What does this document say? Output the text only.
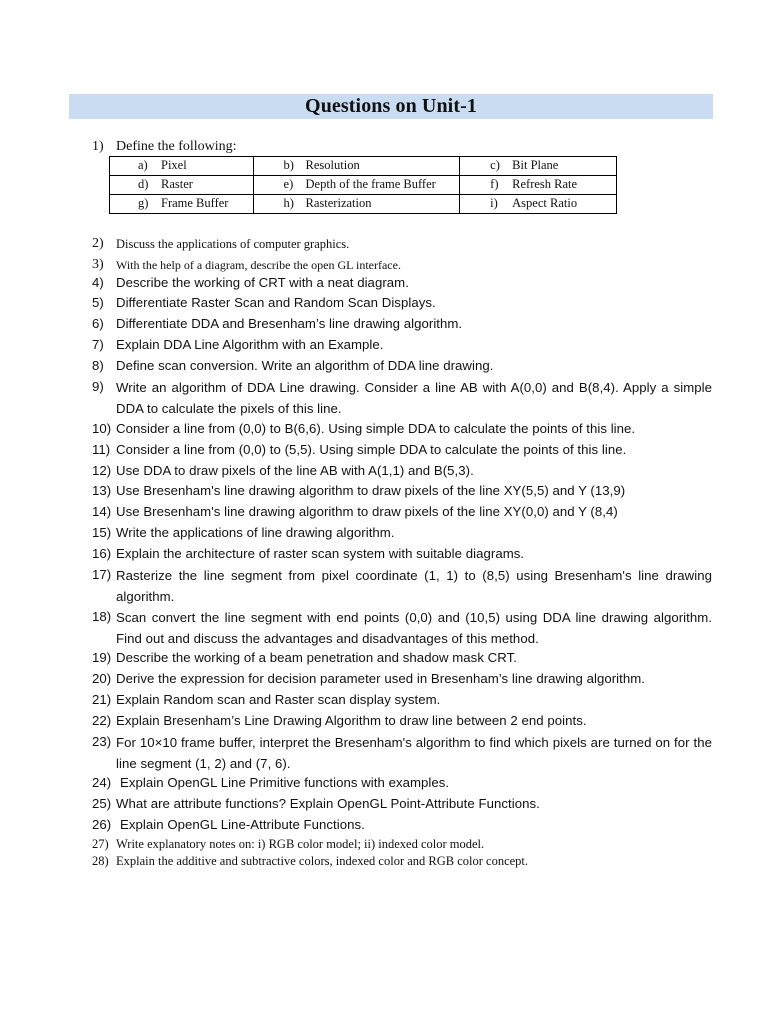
Questions on Unit-1
1) Define the following:
a) Pixel	b) Resolution	c) Bit Plane

d) Raster	e) Depth of the frame Buffer	f) Refresh Rate

g) Frame Buffer	h) Rasterization	i) Aspect Ratio
2) Discuss the applications of computer graphics.
3) With the help of a diagram, describe the open GL interface.
4) Describe the working of CRT with a neat diagram.
5) Differentiate Raster Scan and Random Scan Displays.
6) Differentiate DDA and Bresenham’s line drawing algorithm.
7) Explain DDA Line Algorithm with an Example.
8) Define scan conversion. Write an algorithm of DDA line drawing.
9) Write an algorithm of DDA Line drawing. Consider a line AB with A(0,0) and B(8,4). Apply a simple DDA to calculate the pixels of this line.
10) Consider a line from (0,0) to B(6,6). Using simple DDA to calculate the points of this line.
11) Consider a line from (0,0) to (5,5). Using simple DDA to calculate the points of this line.
12) Use DDA to draw pixels of the line AB with A(1,1) and B(5,3).
13) Use Bresenham's line drawing algorithm to draw pixels of the line XY(5,5) and Y (13,9)
14) Use Bresenham's line drawing algorithm to draw pixels of the line XY(0,0) and Y (8,4)
15) Write the applications of line drawing algorithm.
16) Explain the architecture of raster scan system with suitable diagrams.
17) Rasterize the line segment from pixel coordinate (1, 1) to (8,5) using Bresenham's line drawing algorithm.
18) Scan convert the line segment with end points (0,0) and (10,5) using DDA line drawing algorithm. Find out and discuss the advantages and disadvantages of this method.
19) Describe the working of a beam penetration and shadow mask CRT.
20) Derive the expression for decision parameter used in Bresenham’s line drawing algorithm.
21) Explain Random scan and Raster scan display system.
22) Explain Bresenham’s Line Drawing Algorithm to draw line between 2 end points.
23) For 10×10 frame buffer, interpret the Bresenham's algorithm to find which pixels are turned on for the line segment (1, 2) and (7, 6).
24) Explain OpenGL Line Primitive functions with examples.
25) What are attribute functions? Explain OpenGL Point-Attribute Functions.
26) Explain OpenGL Line-Attribute Functions.
27) Write explanatory notes on: i) RGB color model; ii) indexed color model.
28) Explain the additive and subtractive colors, indexed color and RGB color concept.
